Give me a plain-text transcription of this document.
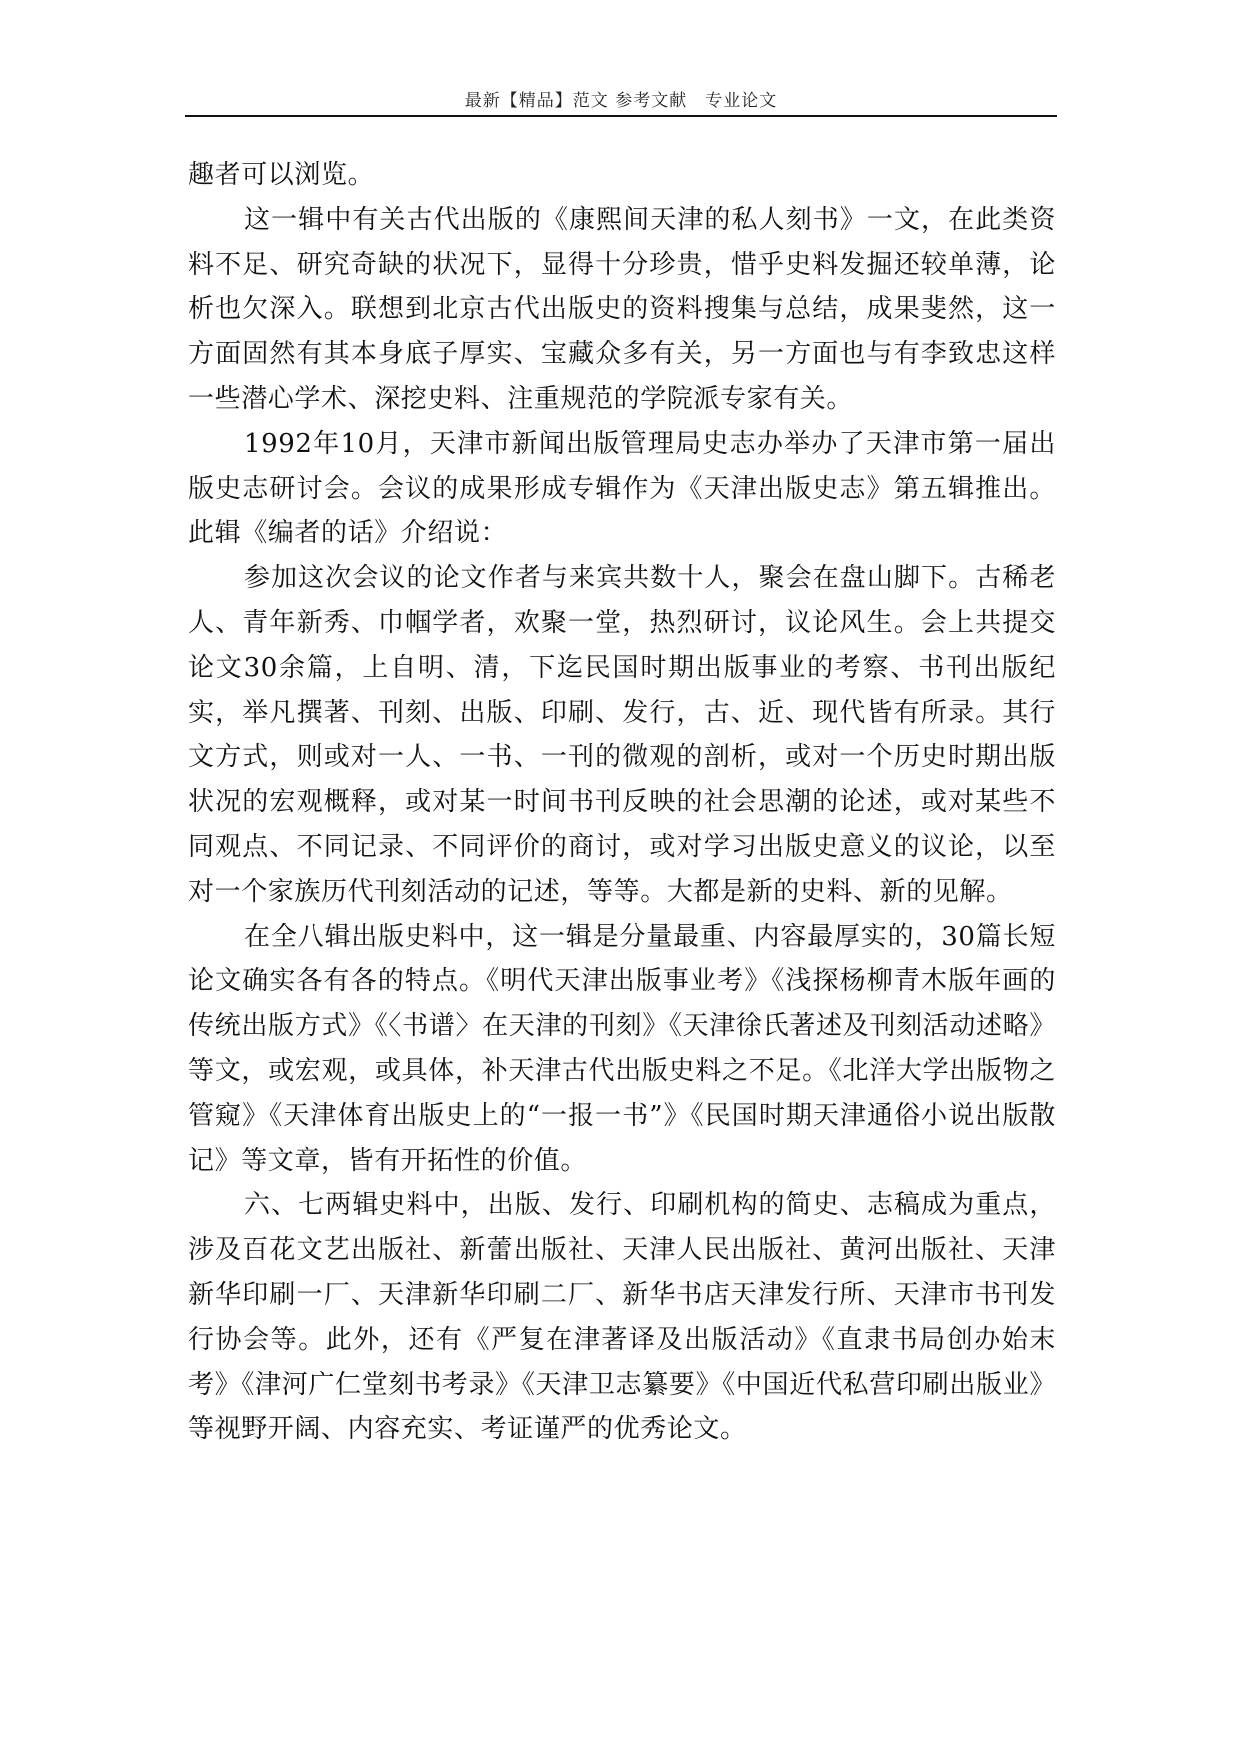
最新【精品】范文 参考文献　专业论文

趣者可以浏览。

这一辑中有关古代出版的《康熙间天津的私人刻书》一文，在此类资料不足、研究奇缺的状况下，显得十分珍贵，惜乎史料发掘还较单薄，论析也欠深入。联想到北京古代出版史的资料搜集与总结，成果斐然，这一方面固然有其本身底子厚实、宝藏众多有关，另一方面也与有李致忠这样一些潜心学术、深挖史料、注重规范的学院派专家有关。

1992年10月，天津市新闻出版管理局史志办举办了天津市第一届出版史志研讨会。会议的成果形成专辑作为《天津出版史志》第五辑推出。此辑《编者的话》介绍说：

参加这次会议的论文作者与来宾共数十人，聚会在盘山脚下。古稀老人、青年新秀、巾帼学者，欢聚一堂，热烈研讨，议论风生。会上共提交论文30余篇，上自明、清，下迄民国时期出版事业的考察、书刊出版纪实，举凡撰著、刊刻、出版、印刷、发行，古、近、现代皆有所录。其行文方式，则或对一人、一书、一刊的微观的剖析，或对一个历史时期出版状况的宏观概释，或对某一时间书刊反映的社会思潮的论述，或对某些不同观点、不同记录、不同评价的商讨，或对学习出版史意义的议论，以至对一个家族历代刊刻活动的记述，等等。大都是新的史料、新的见解。

在全八辑出版史料中，这一辑是分量最重、内容最厚实的，30篇长短论文确实各有各的特点。《明代天津出版事业考》《浅探杨柳青木版年画的传统出版方式》《〈书谱〉在天津的刊刻》《天津徐氏著述及刊刻活动述略》等文，或宏观，或具体，补天津古代出版史料之不足。《北洋大学出版物之管窥》《天津体育出版史上的“一报一书”》《民国时期天津通俗小说出版散记》等文章，皆有开拓性的价值。

六、七两辑史料中，出版、发行、印刷机构的简史、志稿成为重点，涉及百花文艺出版社、新蕾出版社、天津人民出版社、黄河出版社、天津新华印刷一厂、天津新华印刷二厂、新华书店天津发行所、天津市书刊发行协会等。此外，还有《严复在津著译及出版活动》《直隶书局创办始末考》《津河广仁堂刻书考录》《天津卫志纂要》《中国近代私营印刷出版业》等视野开阔、内容充实、考证谨严的优秀论文。
